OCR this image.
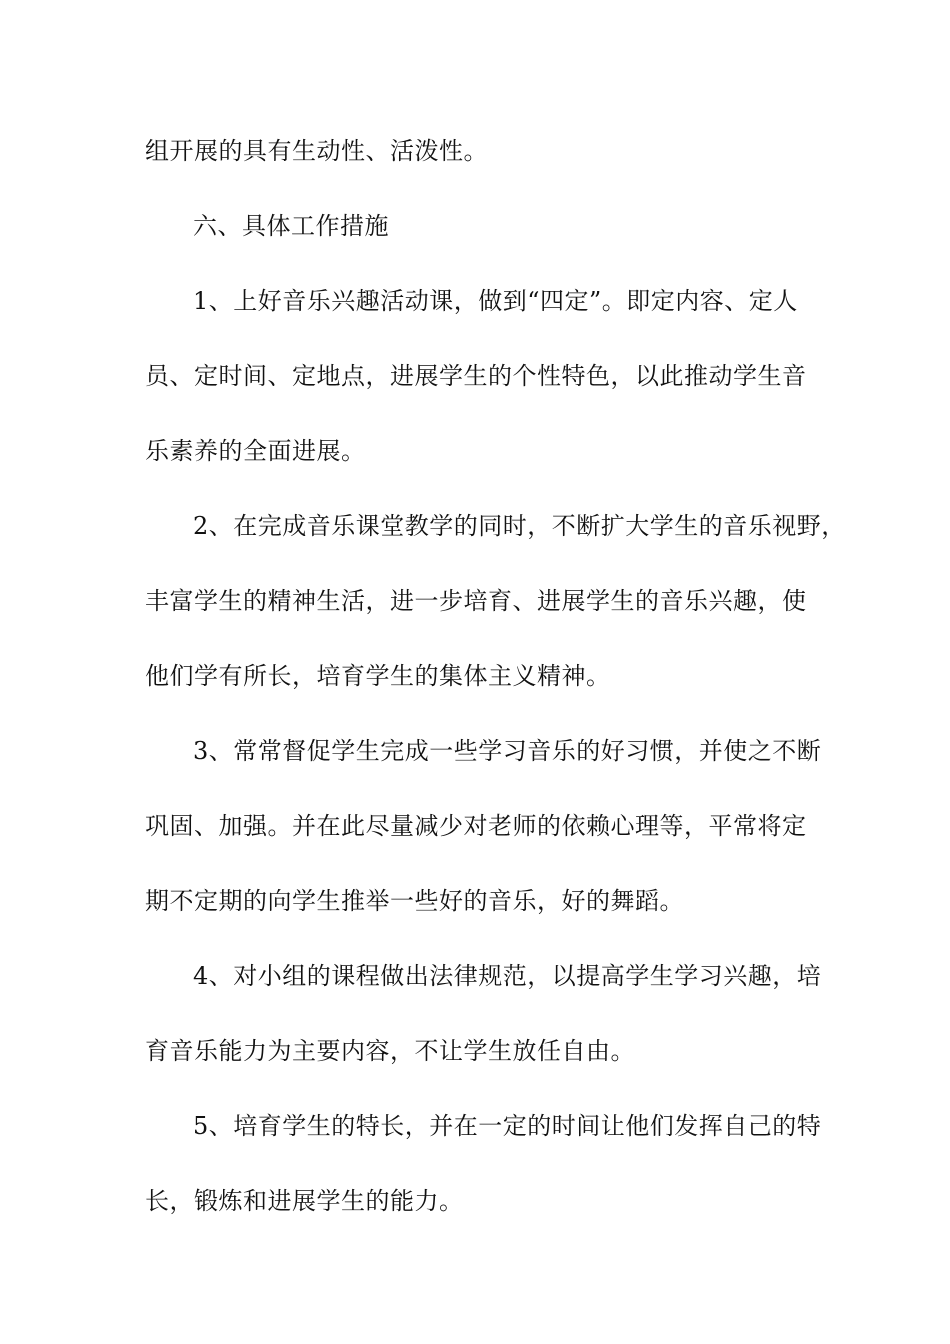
组开展的具有生动性、活泼性。
六、具体工作措施
1、上好音乐兴趣活动课，做到“四定”。即定内容、定人
员、定时间、定地点，进展学生的个性特色，以此推动学生音
乐素养的全面进展。
2、在完成音乐课堂教学的同时，不断扩大学生的音乐视野，
丰富学生的精神生活，进一步培育、进展学生的音乐兴趣，使
他们学有所长，培育学生的集体主义精神。
3、常常督促学生完成一些学习音乐的好习惯，并使之不断
巩固、加强。并在此尽量减少对老师的依赖心理等，平常将定
期不定期的向学生推举一些好的音乐，好的舞蹈。
4、对小组的课程做出法律规范，以提高学生学习兴趣，培
育音乐能力为主要内容，不让学生放任自由。
5、培育学生的特长，并在一定的时间让他们发挥自己的特
长，锻炼和进展学生的能力。
